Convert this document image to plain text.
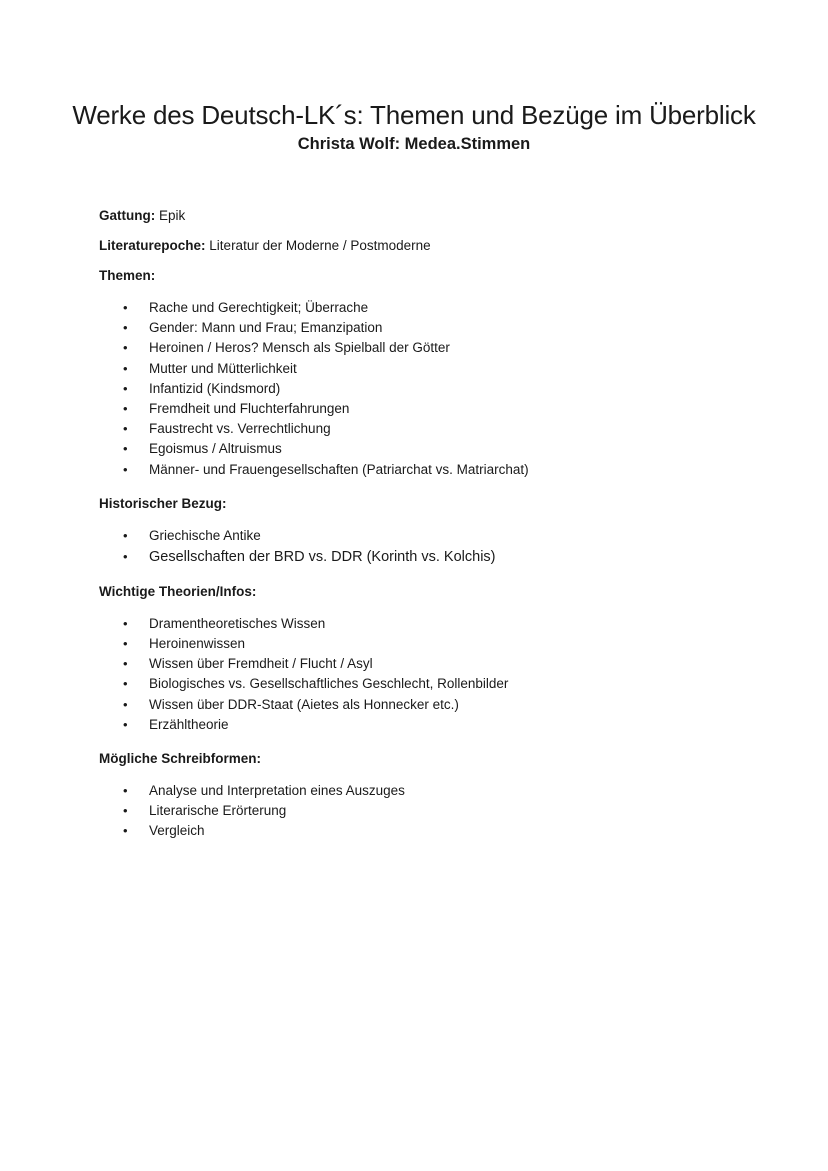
Werke des Deutsch-LK´s: Themen und Bezüge im Überblick
Christa Wolf: Medea.Stimmen

Gattung: Epik

Literaturepoche: Literatur der Moderne / Postmoderne

Themen:

• Rache und Gerechtigkeit; Überrache
• Gender: Mann und Frau; Emanzipation
• Heroinen / Heros? Mensch als Spielball der Götter
• Mutter und Mütterlichkeit
• Infantizid (Kindsmord)
• Fremdheit und Fluchterfahrungen
• Faustrecht vs. Verrechtlichung
• Egoismus / Altruismus
• Männer- und Frauengesellschaften (Patriarchat vs. Matriarchat)

Historischer Bezug:

• Griechische Antike
• Gesellschaften der BRD vs. DDR (Korinth vs. Kolchis)

Wichtige Theorien/Infos:

• Dramentheoretisches Wissen
• Heroinenwissen
• Wissen über Fremdheit / Flucht / Asyl
• Biologisches vs. Gesellschaftliches Geschlecht, Rollenbilder
• Wissen über DDR-Staat (Aietes als Honnecker etc.)
• Erzähltheorie

Mögliche Schreibformen:

• Analyse und Interpretation eines Auszuges
• Literarische Erörterung
• Vergleich
